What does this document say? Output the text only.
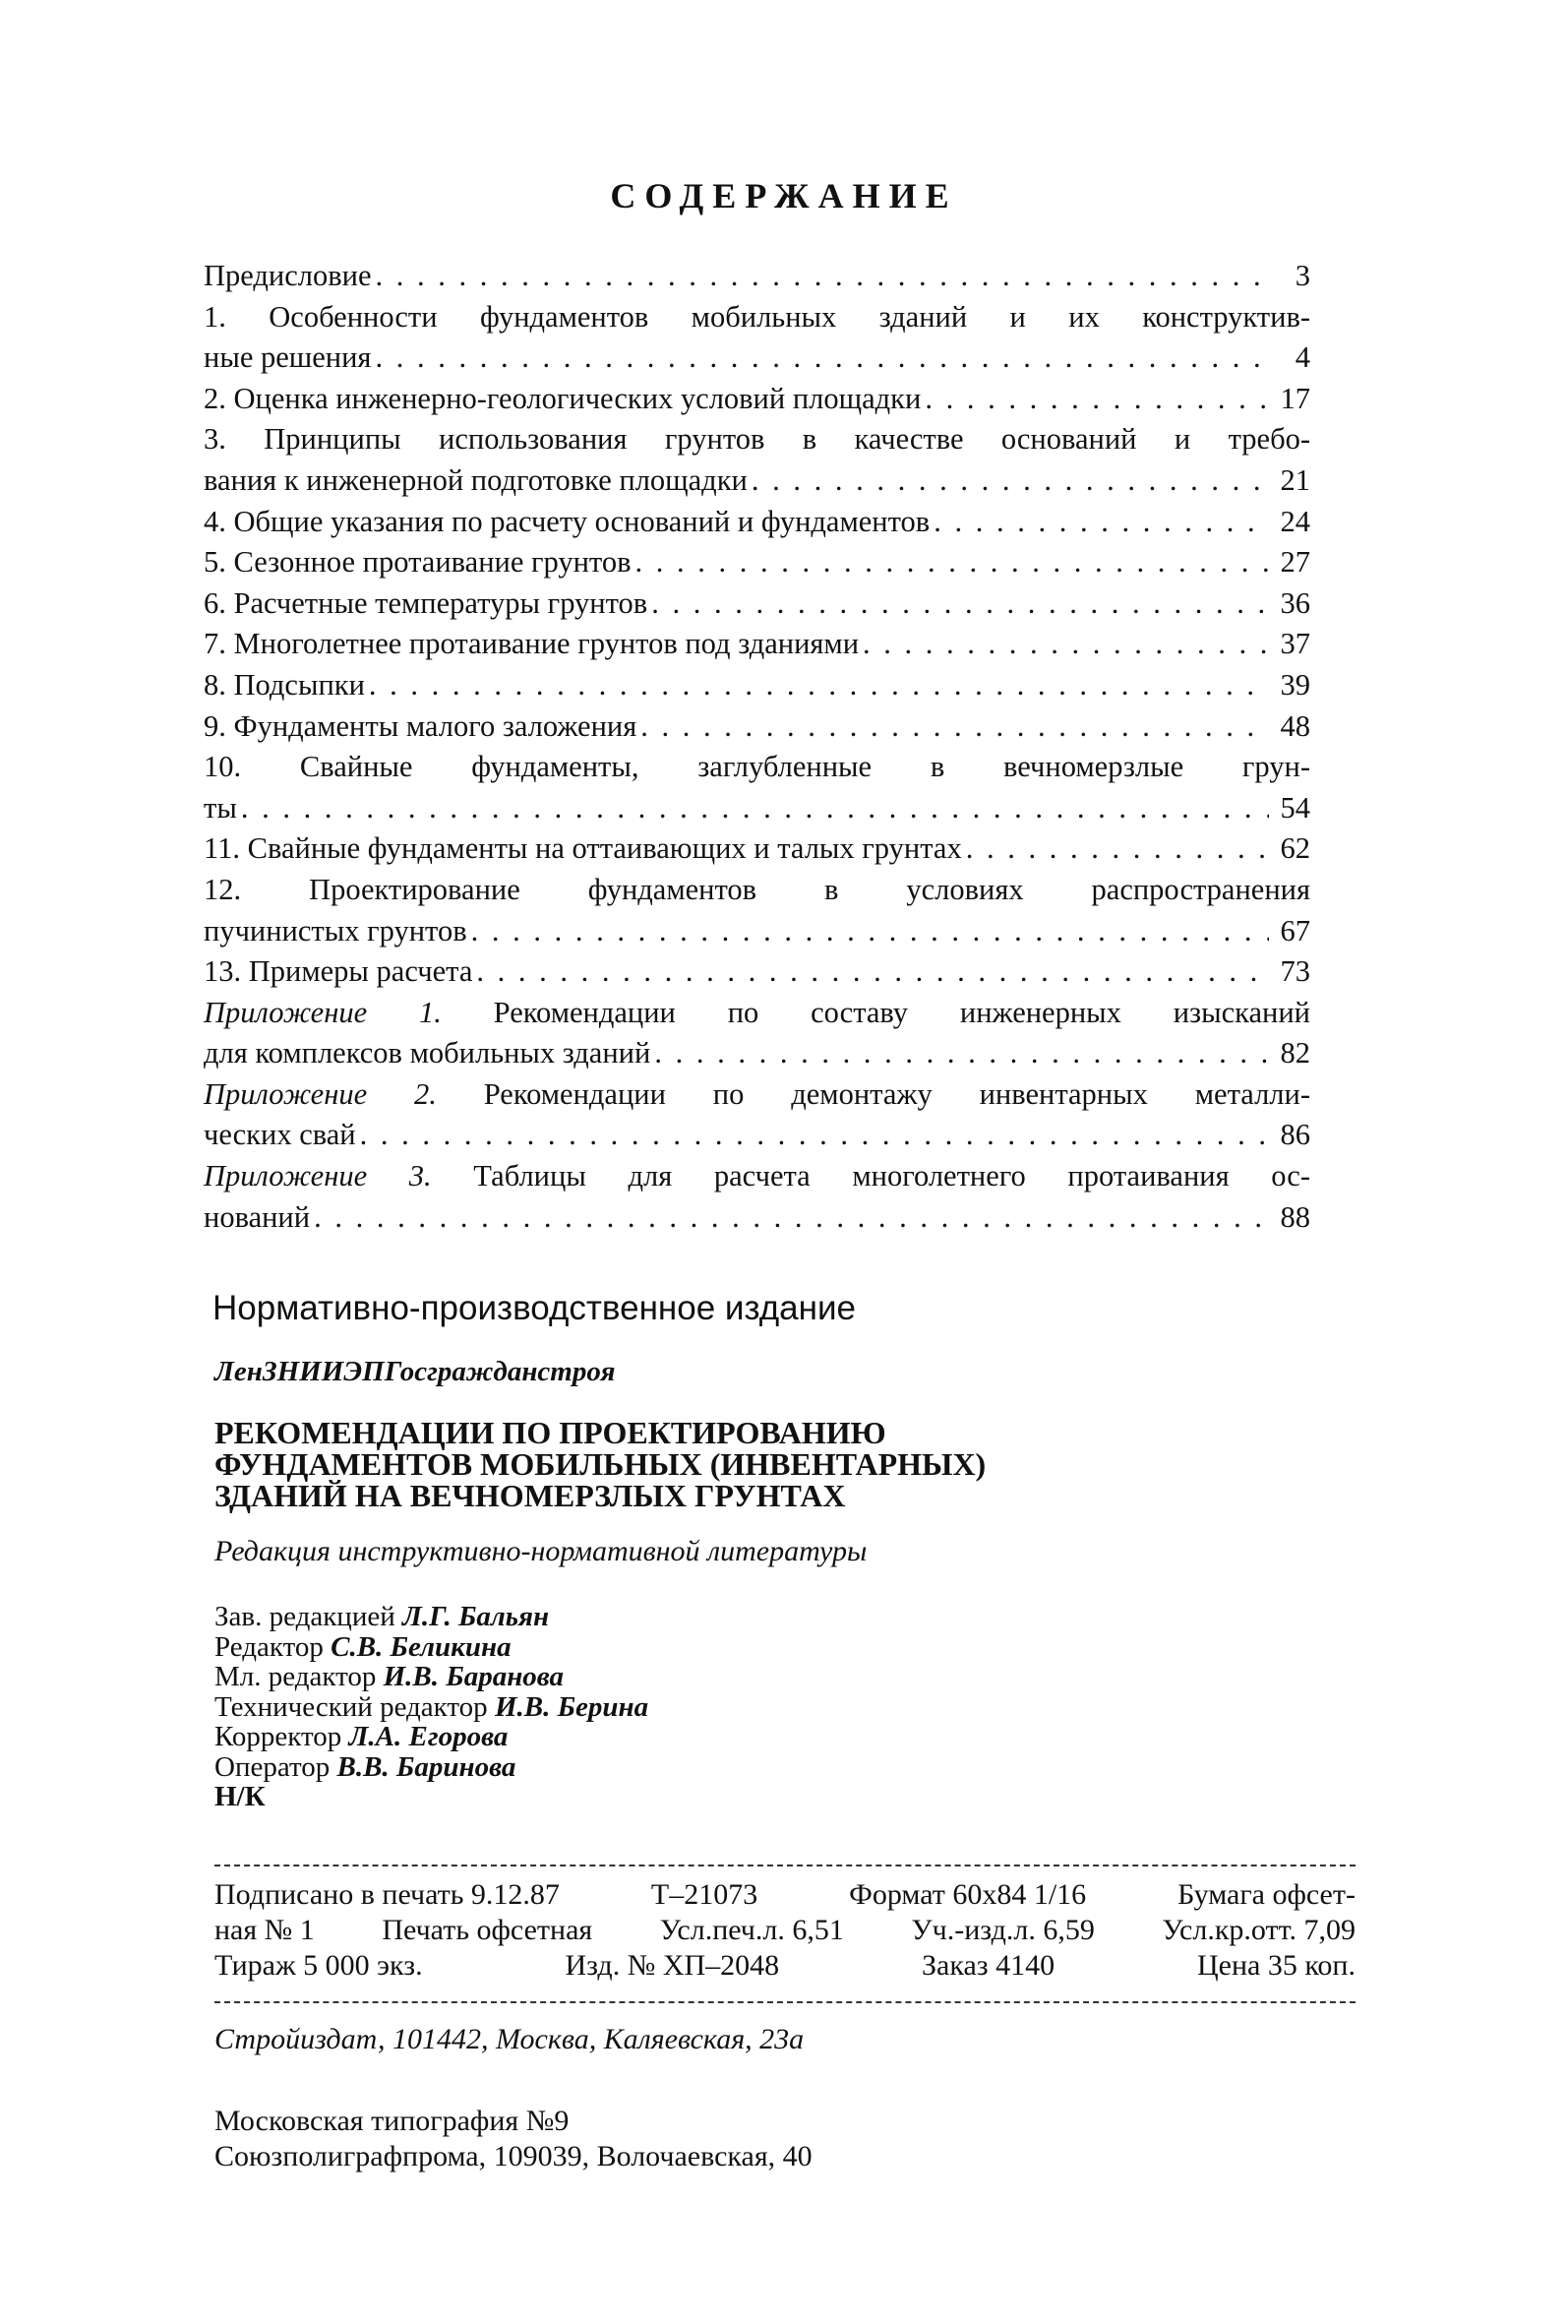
СОДЕРЖАНИЕ
Предисловие . . .	3
1. Особенности фундаментов мобильных зданий и их конструктив-
ные решения . . .	4
2. Оценка инженерно-геологических условий площадки . . .	17
3. Принципы использования грунтов в качестве оснований и требо-
вания к инженерной подготовке площадки . . .	21
4. Общие указания по расчету оснований и фундаментов . . .	24
5. Сезонное протаивание грунтов . . .	27
6. Расчетные температуры грунтов . . .	36
7. Многолетнее протаивание грунтов под зданиями . . .	37
8. Подсыпки . . .	39
9. Фундаменты малого заложения . . .	48
10. Свайные фундаменты, заглубленные в вечномерзлые грун-
ты . . .	54
11. Свайные фундаменты на оттаивающих и талых грунтах . . .	62
12. Проектирование фундаментов в условиях распространения
пучинистых грунтов . . .	67
13. Примеры расчета . . .	73
Приложение 1. Рекомендации по составу инженерных изысканий
для комплексов мобильных зданий . . .	82
Приложение 2. Рекомендации по демонтажу инвентарных металли-
ческих свай . . .	86
Приложение 3. Таблицы для расчета многолетнего протаивания ос-
нований . . .	88
Нормативно-производственное издание
ЛенЗНИИЭПГосгражданстроя
РЕКОМЕНДАЦИИ ПО ПРОЕКТИРОВАНИЮ
ФУНДАМЕНТОВ МОБИЛЬНЫХ (ИНВЕНТАРНЫХ)
ЗДАНИЙ НА ВЕЧНОМЕРЗЛЫХ ГРУНТАХ
Редакция инструктивно-нормативной литературы
Зав. редакцией Л.Г. Бальян
Редактор С.В. Беликина
Мл. редактор И.В. Баранова
Технический редактор И.В. Берина
Корректор Л.А. Егорова
Оператор В.В. Баринова
Н/К
Подписано в печать 9.12.87	Т–21073	Формат 60x84 1/16	Бумага офсет-
ная № 1 Печать офсетная Усл.печ.л. 6,51 Уч.-изд.л. 6,59 Усл.кр.отт. 7,09
Тираж 5 000 экз.	Изд. № ХП–2048	Заказ 4140	Цена 35 коп.
Стройиздат, 101442, Москва, Каляевская, 23а
Московская типография №9
Союзполиграфпрома, 109039, Волочаевская, 40
